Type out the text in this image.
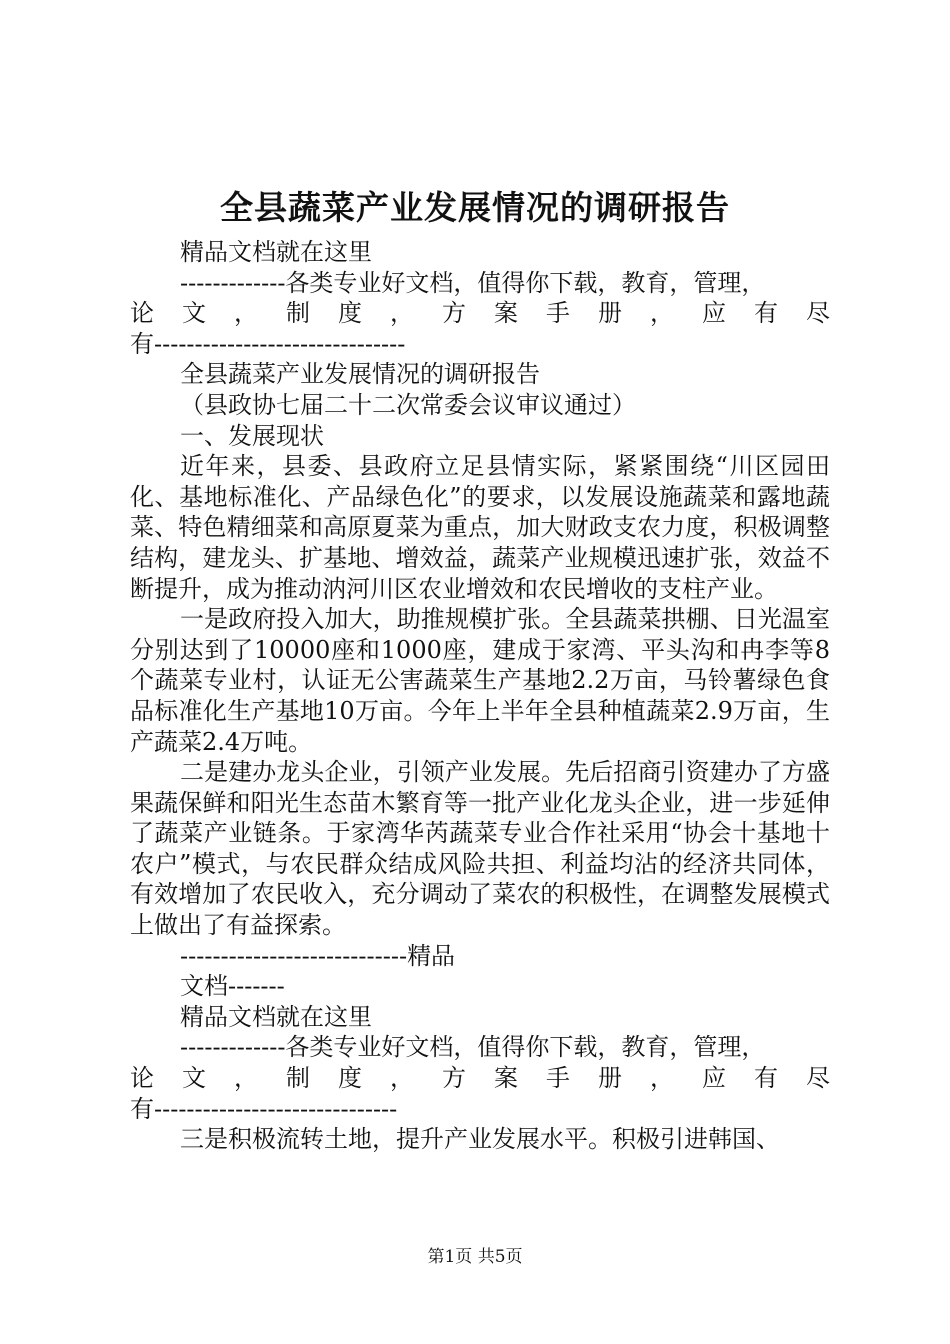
全县蔬菜产业发展情况的调研报告
精品文档就在这里
-------------各类专业好文档，值得你下载，教育，管理，
论 文 ， 制 度 ， 方 案 手 册 ， 应 有 尽
有-------------------------------
全县蔬菜产业发展情况的调研报告
（县政协七届二十二次常委会议审议通过）
一、发展现状
近年来，县委、县政府立足县情实际，紧紧围绕“川区园田化、基地标准化、产品绿色化”的要求，以发展设施蔬菜和露地蔬菜、特色精细菜和高原夏菜为重点，加大财政支农力度，积极调整结构，建龙头、扩基地、增效益，蔬菜产业规模迅速扩张，效益不断提升，成为推动汭河川区农业增效和农民增收的支柱产业。
一是政府投入加大，助推规模扩张。全县蔬菜拱棚、日光温室分别达到了10000座和1000座，建成于家湾、平头沟和冉李等8个蔬菜专业村，认证无公害蔬菜生产基地2.2万亩，马铃薯绿色食品标准化生产基地10万亩。今年上半年全县种植蔬菜2.9万亩，生产蔬菜2.4万吨。
二是建办龙头企业，引领产业发展。先后招商引资建办了方盛果蔬保鲜和阳光生态苗木繁育等一批产业化龙头企业，进一步延伸了蔬菜产业链条。于家湾华芮蔬菜专业合作社采用“协会十基地十农户”模式，与农民群众结成风险共担、利益均沾的经济共同体，有效增加了农民收入，充分调动了菜农的积极性，在调整发展模式上做出了有益探索。
----------------------------精品
文档-------
精品文档就在这里
-------------各类专业好文档，值得你下载，教育，管理，
论 文 ， 制 度 ， 方 案 手 册 ， 应 有 尽
有------------------------------
三是积极流转土地，提升产业发展水平。积极引进韩国、
第1页 共5页
